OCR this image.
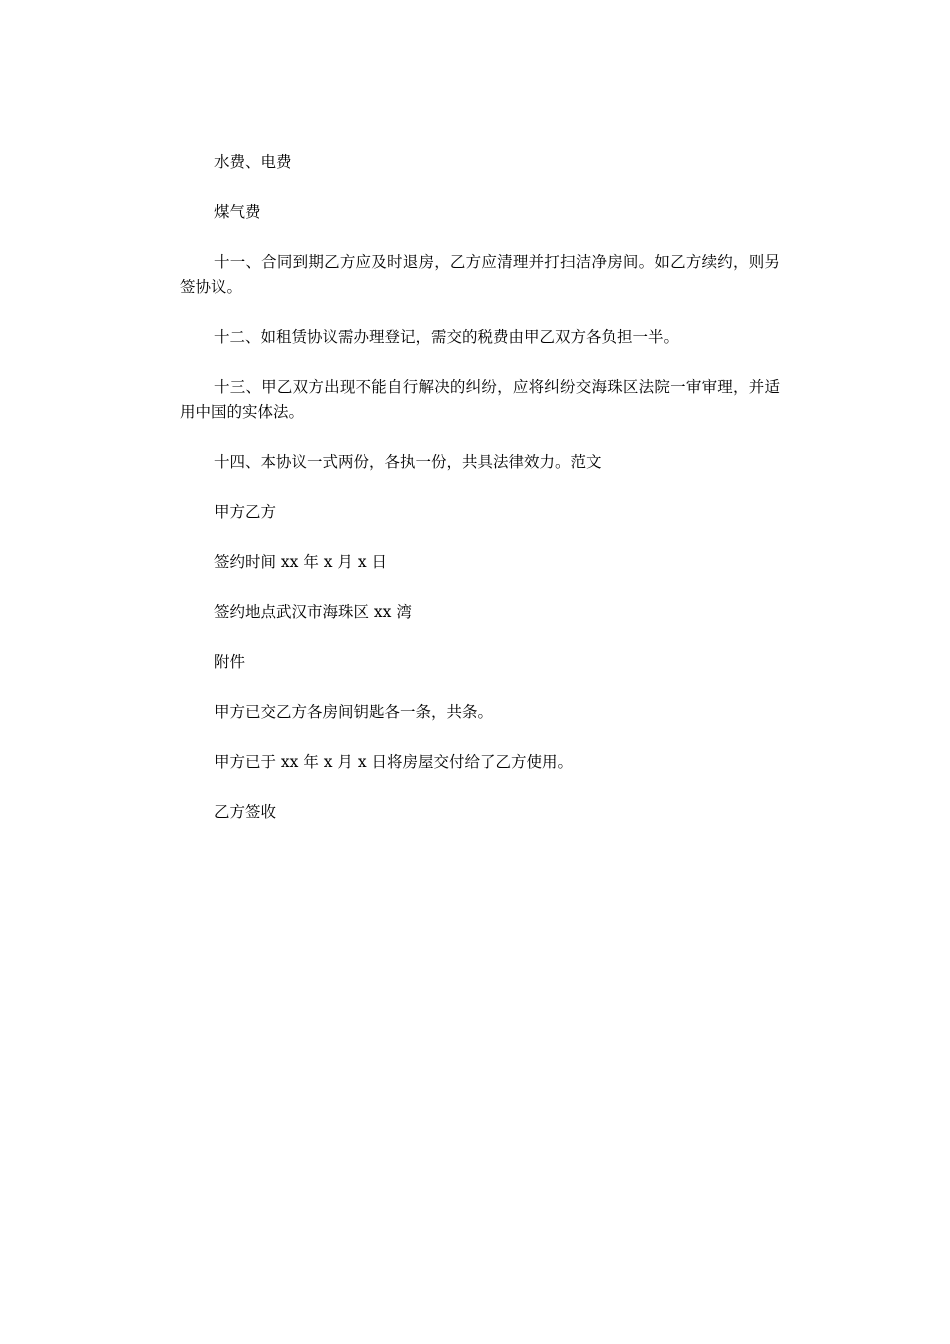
水费、电费

煤气费

十一、合同到期乙方应及时退房，乙方应清理并打扫洁净房间。如乙方续约，则另签协议。

十二、如租赁协议需办理登记，需交的税费由甲乙双方各负担一半。

十三、甲乙双方出现不能自行解决的纠纷，应将纠纷交海珠区法院一审审理，并适用中国的实体法。

十四、本协议一式两份，各执一份，共具法律效力。范文

甲方乙方

签约时间 xx 年 x 月 x 日

签约地点武汉市海珠区 xx 湾

附件

甲方已交乙方各房间钥匙各一条，共条。

甲方已于 xx 年 x 月 x 日将房屋交付给了乙方使用。

乙方签收
